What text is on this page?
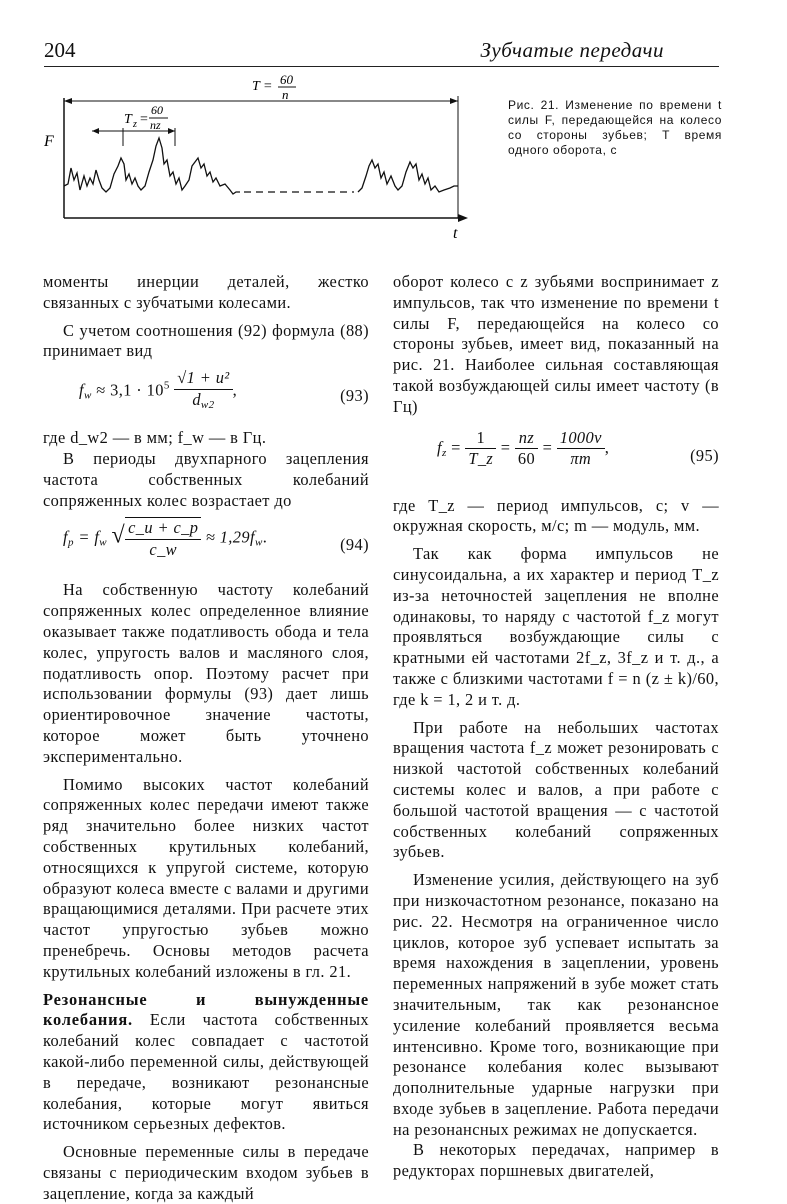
204	Зубчатые передачи
T = 60
n
T z =
60
nz
F
t
Рис. 21. Изменение по времени t силы F, передающейся на колесо со стороны зубьев; T время одного оборота, с

моменты инерции деталей, жестко связанных с зубчатыми колесами.

С учетом соотношения (92) формула (88) принимает вид

$f_w \approx 3,1 \cdot 10^5 \frac{\text{√1 + u²}}{d_{w2}}$ ,	(93)

где d_w2 — в мм; f_w — в Гц.

В периоды двухпарного зацепления частота собственных колебаний сопряженных колес возрастает до

$f_p = f_w$ √ $\frac{c\_u + c\_p}{c\_w} \approx 1,29f_w$.	(94)

На собственную частоту колебаний сопряженных колес определенное влияние оказывает также податливость обода и тела колес, упругость валов и масляного слоя, податливость опор. Поэтому расчет при использовании формулы (93) дает лишь ориентировочное значение частоты, которое может быть уточнено экспериментально.

Помимо высоких частот колебаний сопряженных колес передачи имеют также ряд значительно более низких частот собственных крутильных колебаний, относящихся к упругой системе, которую образуют колеса вместе с валами и другими вращающимися деталями. При расчете этих частот упругостью зубьев можно пренебречь. Основы методов расчета крутильных колебаний изложены в гл. 21.

Резонансные и вынужденные колебания. Если частота собственных колебаний колес совпадает с частотой какой-либо переменной силы, действующей в передаче, возникают резонансные колебания, которые могут явиться источником серьезных дефектов.

Основные переменные силы в передаче связаны с периодическим входом зубьев в зацепление, когда за каждый

оборот колесо с z зубьями воспринимает z импульсов, так что изменение по времени t силы F, передающейся на колесо со стороны зубьев, имеет вид, показанный на рис. 21. Наиболее сильная составляющая такой возбуждающей силы имеет частоту (в Гц)

$f_z = \frac{1}{T\_z} = \frac{nz}{60} = \frac{1000v}{\pi m}$ ,	(95)

где T_z — период импульсов, с; v — окружная скорость, м/с; m — модуль, мм.

Так как форма импульсов не синусоидальна, а их характер и период T_z из-за неточностей зацепления не вполне одинаковы, то наряду с частотой f_z могут проявляться возбуждающие силы с кратными ей частотами 2f_z, 3f_z и т. д., а также с близкими частотами f = n (z ± k)/60, где k = 1, 2 и т. д.

При работе на небольших частотах вращения частота f_z может резонировать с низкой частотой собственных колебаний системы колес и валов, а при работе с большой частотой вращения — с частотой собственных колебаний сопряженных зубьев.

Изменение усилия, действующего на зуб при низкочастотном резонансе, показано на рис. 22. Несмотря на ограниченное число циклов, которое зуб успевает испытать за время нахождения в зацеплении, уровень переменных напряжений в зубе может стать значительным, так как резонансное усиление колебаний проявляется весьма интенсивно. Кроме того, возникающие при резонансе колебания колес вызывают дополнительные ударные нагрузки при входе зубьев в зацепление. Работа передачи на резонансных режимах не допускается.

В некоторых передачах, например в редукторах поршневых двигателей,
